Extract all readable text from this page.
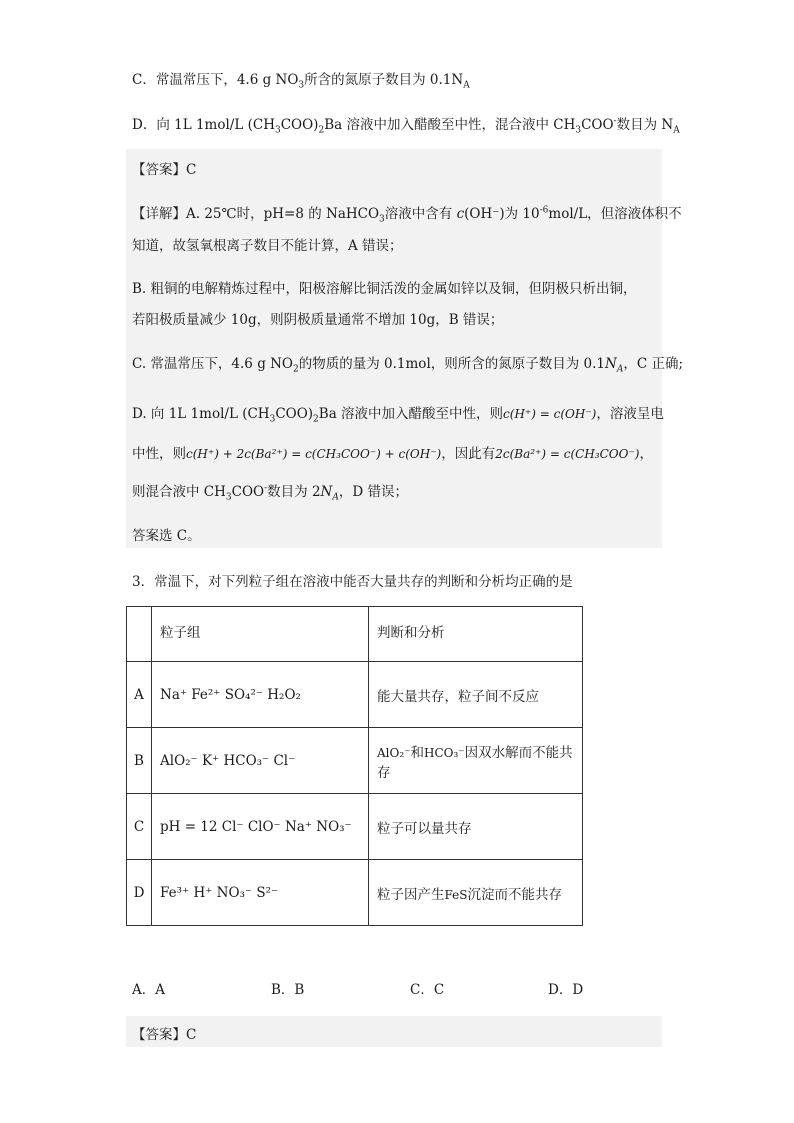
C．常温常压下，4.6 g $NO_3$所含的氮原子数目为 $0.1N_A$
D．向 1L 1mol/L $(CH_3COO)_2Ba$ 溶液中加入醋酸至中性，混合液中 $CH_3COO^-$数目为 $N_A$
【答案】C
【详解】A. 25℃时，pH=8 的 NaHCO$_3$溶液中含有 c(OH⁻)为 $10^{-6}mol/L$，但溶液体积不
知道，故氢氧根离子数目不能计算，A 错误；
B. 粗铜的电解精炼过程中，阳极溶解比铜活泼的金属如锌以及铜，但阴极只析出铜，
若阳极质量减少 10g，则阴极质量通常不增加 10g，B 错误；
C. 常温常压下，4.6 g $NO_2$的物质的量为 0.1mol，则所含的氮原子数目为 $0.1N_A$，C 正确;
D. 向 1L 1mol/L $(CH_3COO)_2Ba$ 溶液中加入醋酸至中性，则c(H⁺) = c(OH⁻)，溶液呈电
中性，则c(H⁺) + 2c(Ba²⁺) = c(CH₃COO⁻) + c(OH⁻)，因此有2c(Ba²⁺) = c(CH₃COO⁻)，
则混合液中 $CH_3COO^-$数目为 $2N_A$，D 错误；
答案选 C。
3．常温下，对下列粒子组在溶液中能否大量共存的判断和分析均正确的是
	粒子组	判断和分析
A	Na⁺ Fe²⁺ SO₄²⁻ H₂O₂	能大量共存，粒子间不反应
B	AlO₂⁻ K⁺ HCO₃⁻ Cl⁻	AlO₂⁻和HCO₃⁻因双水解而不能共存
C	pH = 12 Cl⁻ ClO⁻ Na⁺ NO₃⁻	粒子可以量共存
D	Fe³⁺ H⁺ NO₃⁻ S²⁻	粒子因产生FeS沉淀而不能共存
A．A	B．B	C．C	D．D
【答案】C
